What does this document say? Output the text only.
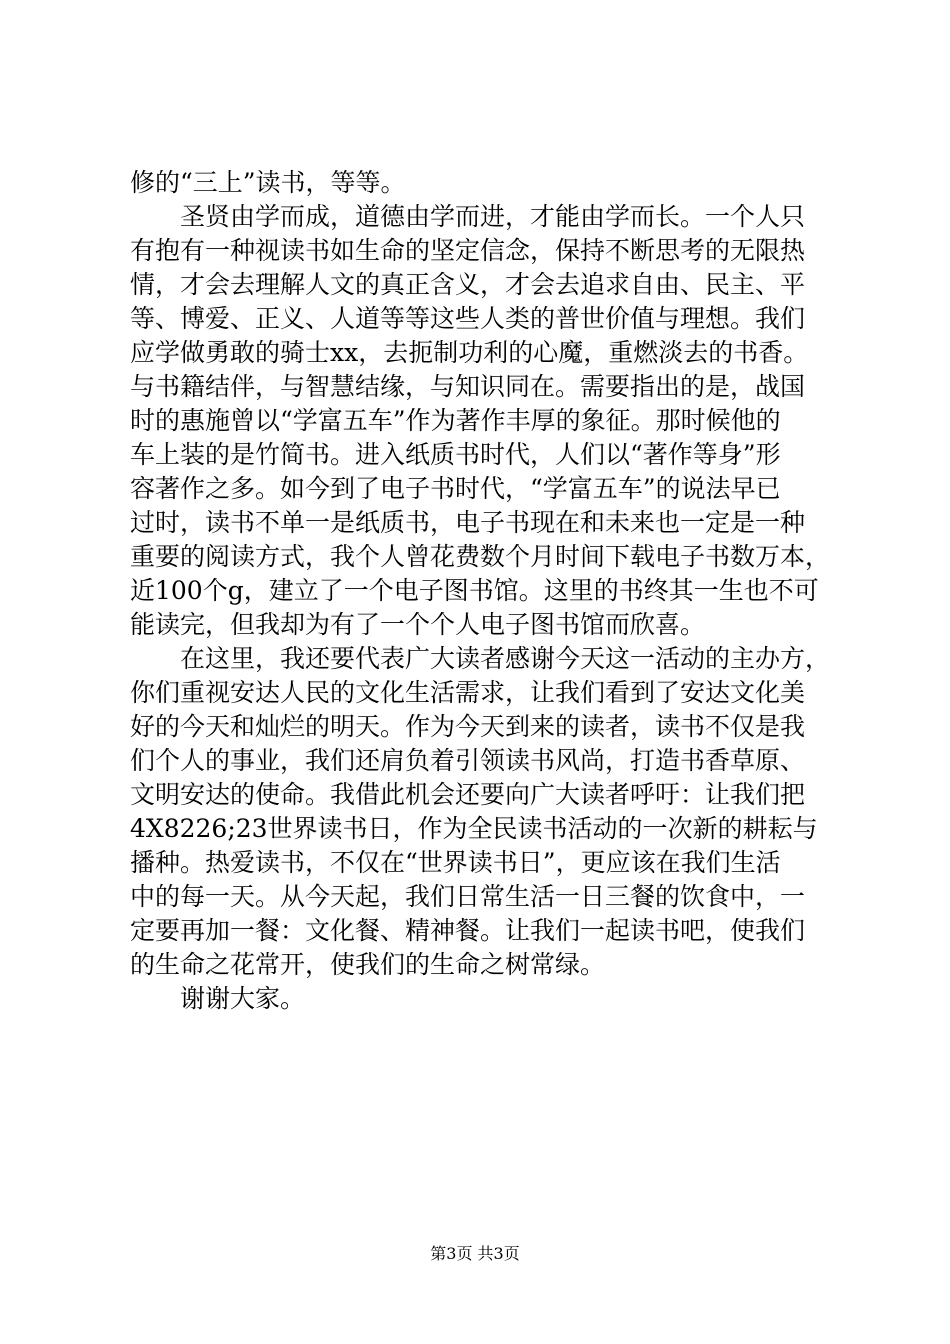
修的“三上”读书，等等。
　　圣贤由学而成，道德由学而进，才能由学而长。一个人只
有抱有一种视读书如生命的坚定信念，保持不断思考的无限热
情，才会去理解人文的真正含义，才会去追求自由、民主、平
等、博爱、正义、人道等等这些人类的普世价值与理想。我们
应学做勇敢的骑士xx，去扼制功利的心魔，重燃淡去的书香。
与书籍结伴，与智慧结缘，与知识同在。需要指出的是，战国
时的惠施曾以“学富五车”作为著作丰厚的象征。那时候他的
车上装的是竹简书。进入纸质书时代，人们以“著作等身”形
容著作之多。如今到了电子书时代，“学富五车”的说法早已
过时，读书不单一是纸质书，电子书现在和未来也一定是一种
重要的阅读方式，我个人曾花费数个月时间下载电子书数万本，
近100个g，建立了一个电子图书馆。这里的书终其一生也不可
能读完，但我却为有了一个个人电子图书馆而欣喜。
　　在这里，我还要代表广大读者感谢今天这一活动的主办方，
你们重视安达人民的文化生活需求，让我们看到了安达文化美
好的今天和灿烂的明天。作为今天到来的读者，读书不仅是我
们个人的事业，我们还肩负着引领读书风尚，打造书香草原、
文明安达的使命。我借此机会还要向广大读者呼吁：让我们把
4X8226;23世界读书日，作为全民读书活动的一次新的耕耘与
播种。热爱读书，不仅在“世界读书日”，更应该在我们生活
中的每一天。从今天起，我们日常生活一日三餐的饮食中，一
定要再加一餐：文化餐、精神餐。让我们一起读书吧，使我们
的生命之花常开，使我们的生命之树常绿。
　　谢谢大家。
第3页 共3页
